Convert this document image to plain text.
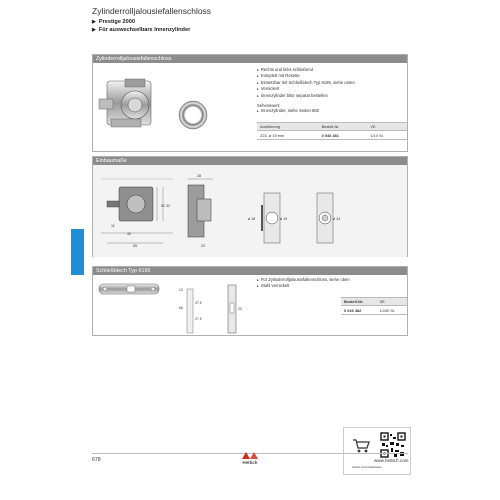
Zylinderrolljalousiefallenschloss
▶ Prestige 2000
▶ Für auswechselbare Innenzylinder
Zylinderrolljalousiefallenschloss
▸ Rechts und links schließend
▸ Komplett mit Rosette
▸ Einsetzbar mit Schließblech Typ 6195, siehe unten
▸ Vernickelt
▸ Innenzylinder bitte separat bestellen
Sehenswert:
▸ Innenzylinder, siehe Seiten 682
Ausführung	Bestell-Nr.	VE
Z23, ø 19 mm	0 046 481	1/10 St.
Einbaumaße
51 32
11
40
65
28
23
ø 18	ø 19	ø 24
Schließblech Typ 6195
13
37,5
66
27,5
20
▸ Für Zylinderrolljalousiefallenschloss, siehe oben
▸ Stahl vernickelt
Bestell-Nr.	VE
0 046 482	1/100 St.
Hettich.com/produktseite/...
678	Hettich	www.hettich.com
